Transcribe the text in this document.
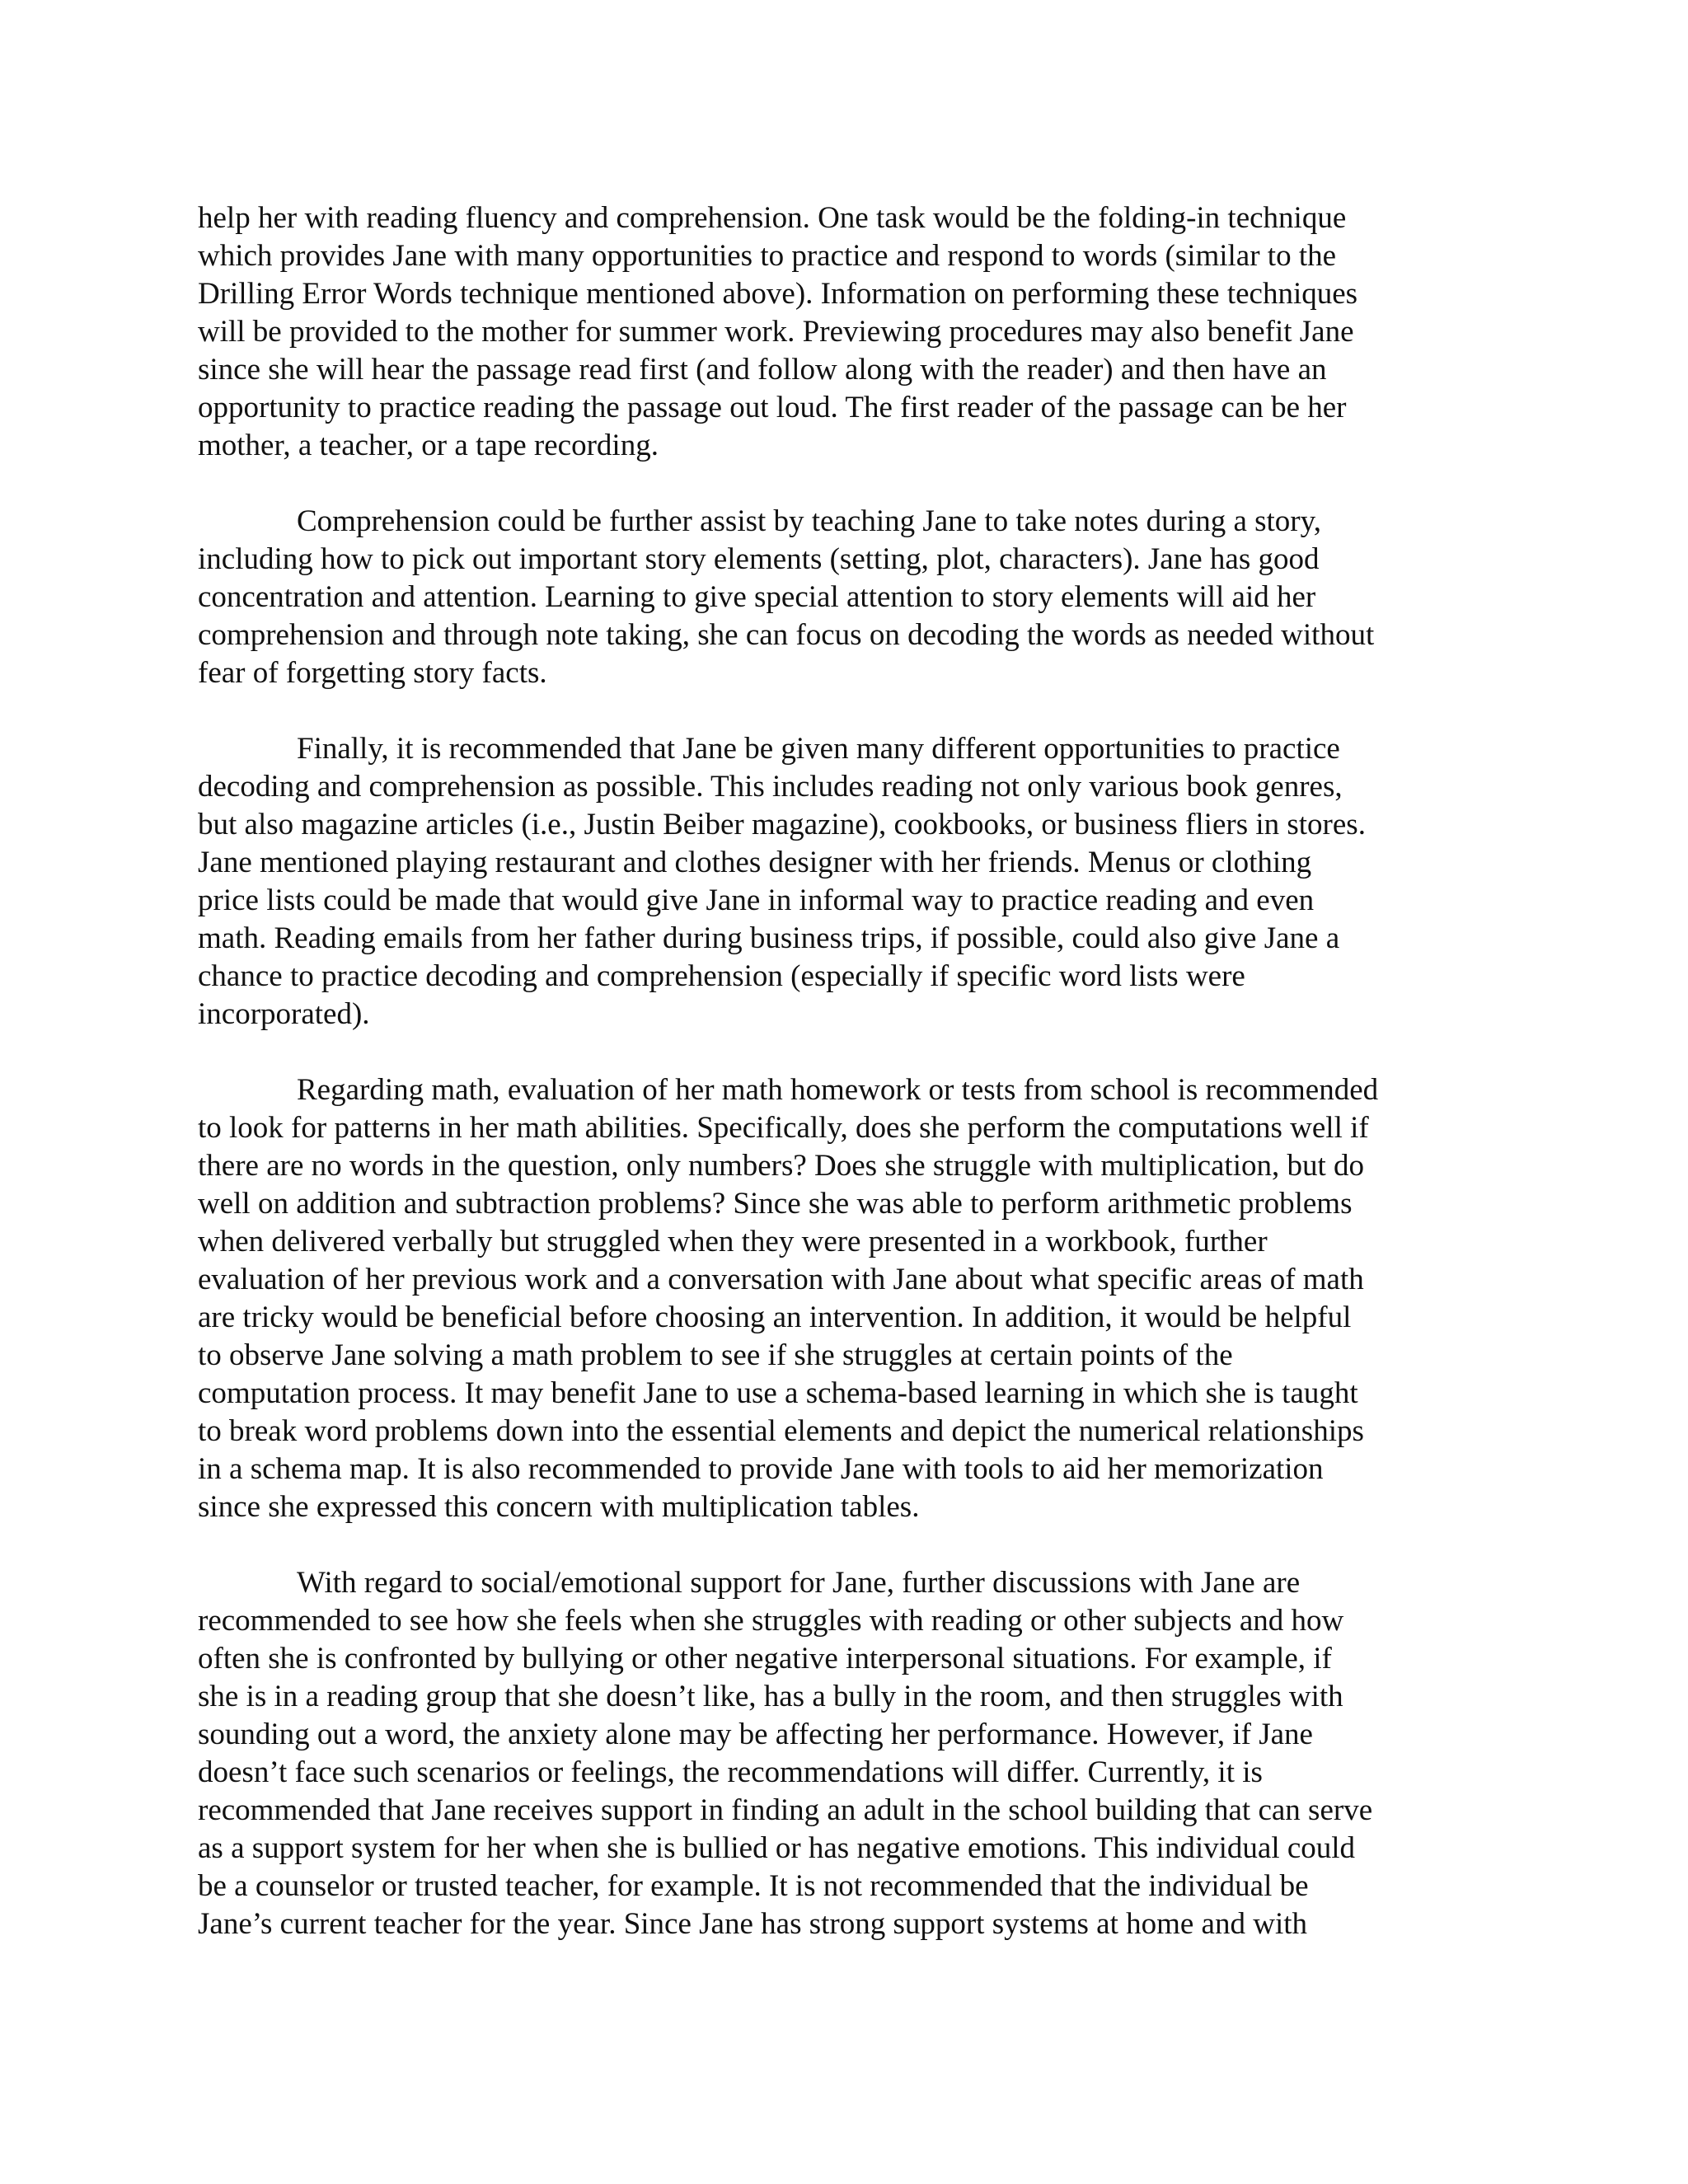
help her with reading fluency and comprehension. One task would be the folding-in technique
which provides Jane with many opportunities to practice and respond to words (similar to the
Drilling Error Words technique mentioned above). Information on performing these techniques
will be provided to the mother for summer work. Previewing procedures may also benefit Jane
since she will hear the passage read first (and follow along with the reader) and then have an
opportunity to practice reading the passage out loud. The first reader of the passage can be her
mother, a teacher, or a tape recording.
Comprehension could be further assist by teaching Jane to take notes during a story,
including how to pick out important story elements (setting, plot, characters). Jane has good
concentration and attention. Learning to give special attention to story elements will aid her
comprehension and through note taking, she can focus on decoding the words as needed without
fear of forgetting story facts.
Finally, it is recommended that Jane be given many different opportunities to practice
decoding and comprehension as possible. This includes reading not only various book genres,
but also magazine articles (i.e., Justin Beiber magazine), cookbooks, or business fliers in stores.
Jane mentioned playing restaurant and clothes designer with her friends. Menus or clothing
price lists could be made that would give Jane in informal way to practice reading and even
math. Reading emails from her father during business trips, if possible, could also give Jane a
chance to practice decoding and comprehension (especially if specific word lists were
incorporated).
Regarding math, evaluation of her math homework or tests from school is recommended
to look for patterns in her math abilities. Specifically, does she perform the computations well if
there are no words in the question, only numbers? Does she struggle with multiplication, but do
well on addition and subtraction problems? Since she was able to perform arithmetic problems
when delivered verbally but struggled when they were presented in a workbook, further
evaluation of her previous work and a conversation with Jane about what specific areas of math
are tricky would be beneficial before choosing an intervention. In addition, it would be helpful
to observe Jane solving a math problem to see if she struggles at certain points of the
computation process. It may benefit Jane to use a schema-based learning in which she is taught
to break word problems down into the essential elements and depict the numerical relationships
in a schema map. It is also recommended to provide Jane with tools to aid her memorization
since she expressed this concern with multiplication tables.
With regard to social/emotional support for Jane, further discussions with Jane are
recommended to see how she feels when she struggles with reading or other subjects and how
often she is confronted by bullying or other negative interpersonal situations. For example, if
she is in a reading group that she doesn’t like, has a bully in the room, and then struggles with
sounding out a word, the anxiety alone may be affecting her performance. However, if Jane
doesn’t face such scenarios or feelings, the recommendations will differ. Currently, it is
recommended that Jane receives support in finding an adult in the school building that can serve
as a support system for her when she is bullied or has negative emotions. This individual could
be a counselor or trusted teacher, for example. It is not recommended that the individual be
Jane’s current teacher for the year. Since Jane has strong support systems at home and with
